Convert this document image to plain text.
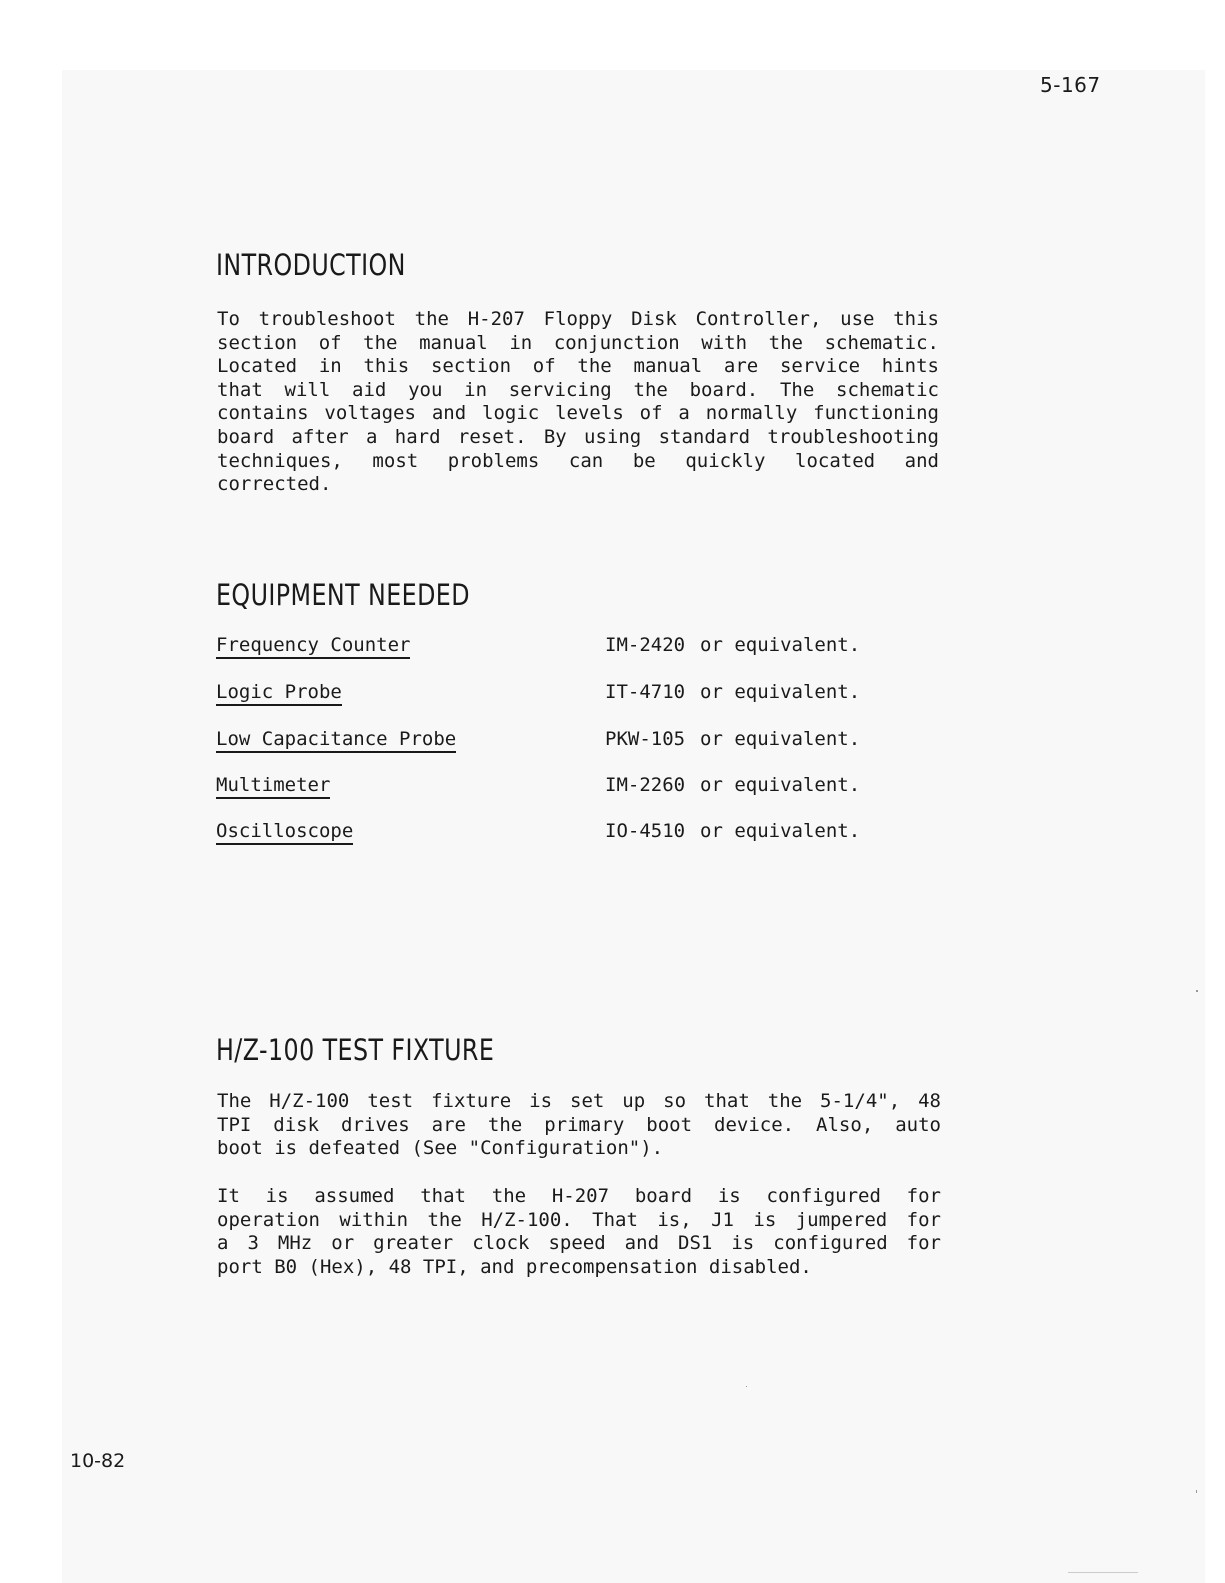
5-167
INTRODUCTION
To troubleshoot the H-207 Floppy Disk Controller, use this
section of the manual in conjunction with the schematic.
Located in this section of the manual are service hints
that will aid you in servicing the board. The schematic
contains voltages and logic levels of a normally functioning
board after a hard reset. By using standard troubleshooting
techniques, most problems can be quickly located and
corrected.
EQUIPMENT NEEDED
Frequency Counter	IM-2420 or equivalent.
Logic Probe	IT-4710 or equivalent.
Low Capacitance Probe	PKW-105 or equivalent.
Multimeter	IM-2260 or equivalent.
Oscilloscope	IO-4510 or equivalent.
H/Z-100 TEST FIXTURE
The H/Z-100 test fixture is set up so that the 5-1/4", 48
TPI disk drives are the primary boot device. Also, auto
boot is defeated (See "Configuration").
It is assumed that the H-207 board is configured for
operation within the H/Z-100. That is, J1 is jumpered for
a 3 MHz or greater clock speed and DS1 is configured for
port B0 (Hex), 48 TPI, and precompensation disabled.
10-82
